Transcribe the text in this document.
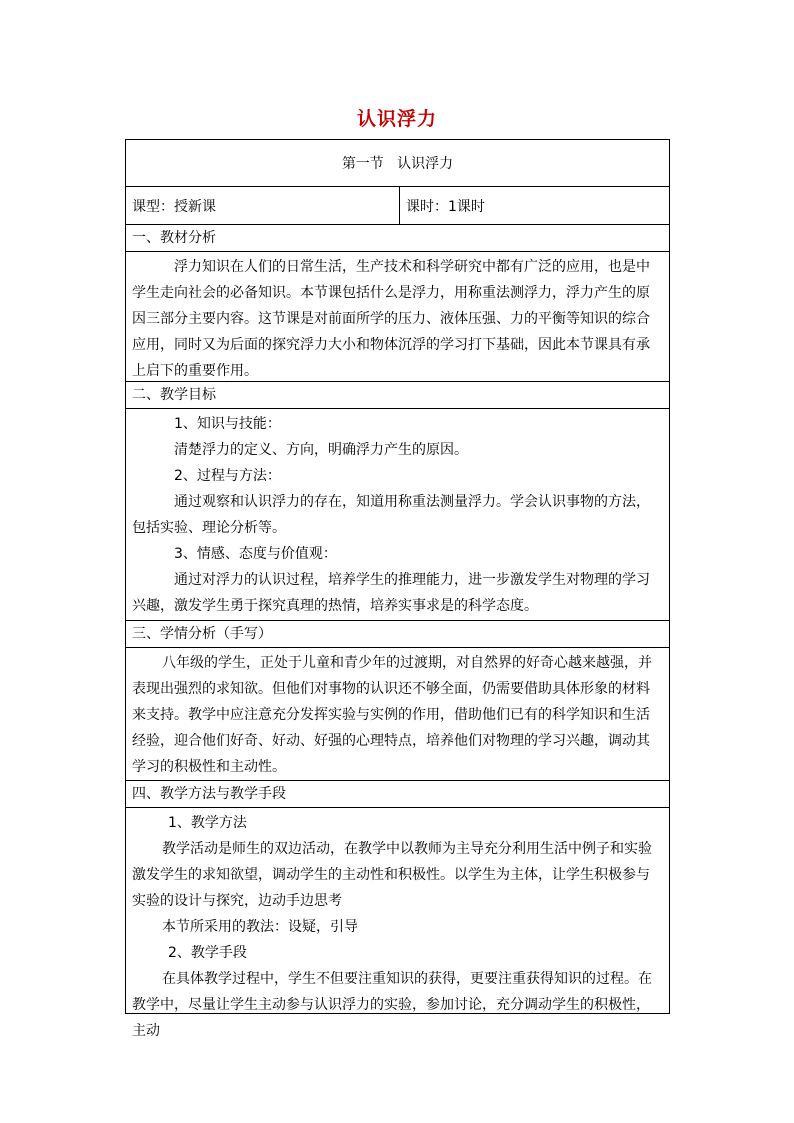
认识浮力
第一节   认识浮力
课型：授新课	课时：1课时
一、教材分析

浮力知识在人们的日常生活，生产技术和科学研究中都有广泛的应用，也是中学生走向社会的必备知识。本节课包括什么是浮力，用称重法测浮力，浮力产生的原因三部分主要内容。这节课是对前面所学的压力、液体压强、力的平衡等知识的综合应用，同时又为后面的探究浮力大小和物体沉浮的学习打下基础，因此本节课具有承上启下的重要作用。

二、教学目标

1、知识与技能：

清楚浮力的定义、方向，明确浮力产生的原因。

2、过程与方法：

通过观察和认识浮力的存在，知道用称重法测量浮力。学会认识事物的方法，包括实验、理论分析等。

3、情感、态度与价值观：

通过对浮力的认识过程，培养学生的推理能力，进一步激发学生对物理的学习兴趣，激发学生勇于探究真理的热情，培养实事求是的科学态度。

三、学情分析（手写）

八年级的学生，正处于儿童和青少年的过渡期，对自然界的好奇心越来越强，并表现出强烈的求知欲。但他们对事物的认识还不够全面，仍需要借助具体形象的材料来支持。教学中应注意充分发挥实验与实例的作用，借助他们已有的科学知识和生活经验，迎合他们好奇、好动、好强的心理特点，培养他们对物理的学习兴趣，调动其学习的积极性和主动性。

四、教学方法与教学手段

1、教学方法

教学活动是师生的双边活动，在教学中以教师为主导充分利用生活中例子和实验激发学生的求知欲望，调动学生的主动性和积极性。以学生为主体，让学生积极参与实验的设计与探究，边动手边思考

本节所采用的教法：设疑，引导

2、教学手段

在具体教学过程中，学生不但要注重知识的获得，更要注重获得知识的过程。在教学中，尽量让学生主动参与认识浮力的实验，参加讨论，充分调动学生的积极性，主动
